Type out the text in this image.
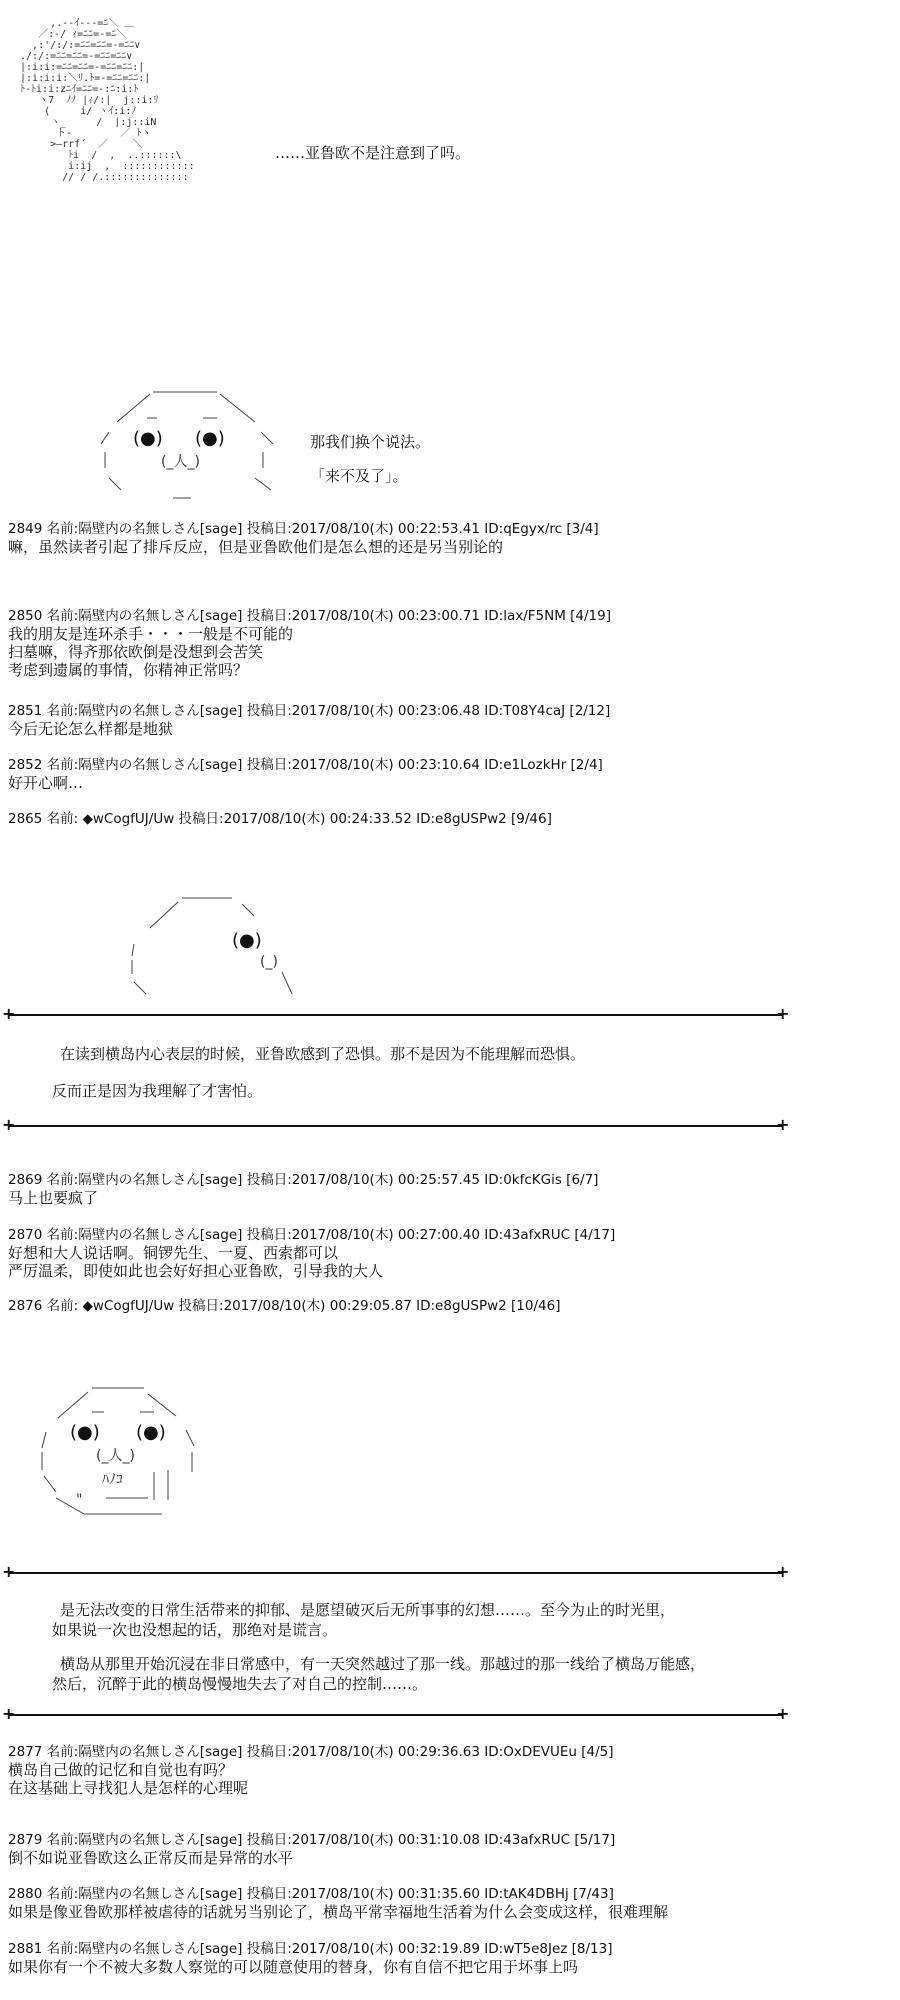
,.-‐ｲ-‐-=ﾆ＼ ＿
／:-/ ｨ=ﾆﾆ=-=ﾆ＼
,:'/:/:=ﾆﾆ=ﾆﾆ=-=ﾆﾆ∨
./:/:=ﾆﾆ=ﾆﾆ=-=ﾆﾆ=ﾆﾆ∨
|:i:i:=ﾆﾆ=ﾆﾆ=-=ﾆﾆ=ﾆﾆ:|
|:i:i:i:＼ﾘ.ﾄ=-=ﾆﾆ=ﾆﾆ:|
ﾄ-ﾄi:i:zﾆｲ=ﾆﾆ=-:ﾆ:i:ﾄ
ヽ7  ﾉﾉ |ｨ/:|  j::i:ﾘ
(     i/ ヽｲ:i:ﾉ
ヽ_     /  |:j::iN
ト-        ／ ﾄヽ
>―rrf´  ／    ＼
ﾄi  /  ,  ..::::::\
i:ij  ,  ::::::::::::
// / /.::::::::::::::
……亚鲁欧不是注意到了吗。
(●) (●)
(_人_)
那我们换个说法。
「来不及了」。
2849 名前:隔壁内の名無しさん[sage] 投稿日:2017/08/10(木) 00:22:53.41 ID:qEgyx/rc [3/4]
嘛，虽然读者引起了排斥反应，但是亚鲁欧他们是怎么想的还是另当别论的
2850 名前:隔壁内の名無しさん[sage] 投稿日:2017/08/10(木) 00:23:00.71 ID:lax/F5NM [4/19]
我的朋友是连环杀手・・・一般是不可能的
扫墓嘛，得齐那依欧倒是没想到会苦笑
考虑到遗属的事情，你精神正常吗？
2851 名前:隔壁内の名無しさん[sage] 投稿日:2017/08/10(木) 00:23:06.48 ID:T08Y4caJ [2/12]
今后无论怎么样都是地狱
2852 名前:隔壁内の名無しさん[sage] 投稿日:2017/08/10(木) 00:23:10.64 ID:e1LozkHr [2/4]
好开心啊…
2865 名前: ◆wCogfUJ/Uw 投稿日:2017/08/10(木) 00:24:33.52 ID:e8gUSPw2 [9/46]
(●)
(_)
+	+
在读到横岛内心表层的时候，亚鲁欧感到了恐惧。那不是因为不能理解而恐惧。
反而正是因为我理解了才害怕。
+	+
2869 名前:隔壁内の名無しさん[sage] 投稿日:2017/08/10(木) 00:25:57.45 ID:0kfcKGis [6/7]
马上也要疯了
2870 名前:隔壁内の名無しさん[sage] 投稿日:2017/08/10(木) 00:27:00.40 ID:43afxRUC [4/17]
好想和大人说话啊。铜锣先生、一夏、西索都可以
严厉温柔，即使如此也会好好担心亚鲁欧，引导我的大人
2876 名前: ◆wCogfUJ/Uw 投稿日:2017/08/10(木) 00:29:05.87 ID:e8gUSPw2 [10/46]
(●) (●)
(_人_)
ﾊﾉｺ
"
+	+
是无法改变的日常生活带来的抑郁、是愿望破灭后无所事事的幻想……。至今为止的时光里，
如果说一次也没想起的话，那绝对是谎言。
横岛从那里开始沉浸在非日常感中，有一天突然越过了那一线。那越过的那一线给了横岛万能感，
然后，沉醉于此的横岛慢慢地失去了对自己的控制……。
+	+
2877 名前:隔壁内の名無しさん[sage] 投稿日:2017/08/10(木) 00:29:36.63 ID:OxDEVUEu [4/5]
横岛自己做的记忆和自觉也有吗？
在这基础上寻找犯人是怎样的心理呢
2879 名前:隔壁内の名無しさん[sage] 投稿日:2017/08/10(木) 00:31:10.08 ID:43afxRUC [5/17]
倒不如说亚鲁欧这么正常反而是异常的水平
2880 名前:隔壁内の名無しさん[sage] 投稿日:2017/08/10(木) 00:31:35.60 ID:tAK4DBHj [7/43]
如果是像亚鲁欧那样被虐待的话就另当别论了，横岛平常幸福地生活着为什么会变成这样，很难理解
2881 名前:隔壁内の名無しさん[sage] 投稿日:2017/08/10(木) 00:32:19.89 ID:wT5e8Jez [8/13]
如果你有一个不被大多数人察觉的可以随意使用的替身，你有自信不把它用于坏事上吗
